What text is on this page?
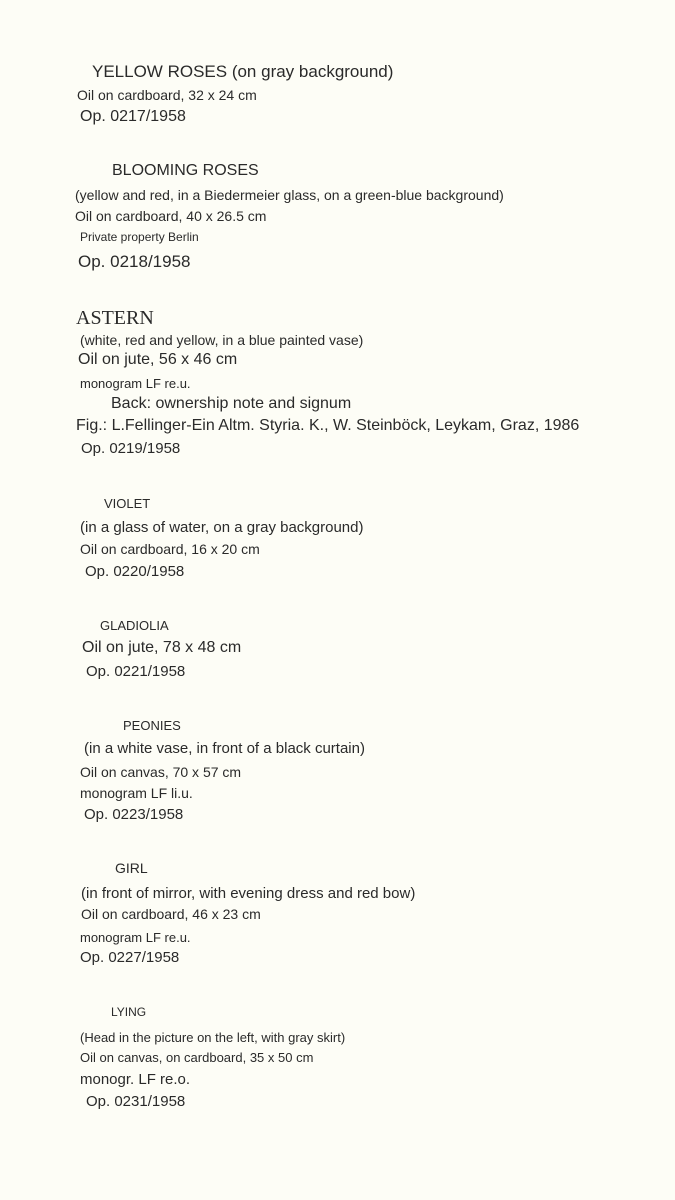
YELLOW ROSES (on gray background)
Oil on cardboard, 32 x 24 cm
Op. 0217/1958
BLOOMING ROSES
(yellow and red, in a Biedermeier glass, on a green-blue background)
Oil on cardboard, 40 x 26.5 cm
Private property Berlin
Op. 0218/1958
ASTERN
(white, red and yellow, in a blue painted vase)
Oil on jute, 56 x 46 cm
monogram LF re.u.
Back: ownership note and signum
Fig.: L.Fellinger-Ein Altm. Styria. K., W. Steinböck, Leykam, Graz, 1986
Op. 0219/1958
VIOLET
(in a glass of water, on a gray background)
Oil on cardboard, 16 x 20 cm
Op. 0220/1958
GLADIOLIA
Oil on jute, 78 x 48 cm
Op. 0221/1958
PEONIES
(in a white vase, in front of a black curtain)
Oil on canvas, 70 x 57 cm
monogram LF li.u.
Op. 0223/1958
GIRL
(in front of mirror, with evening dress and red bow)
Oil on cardboard, 46 x 23 cm
monogram LF re.u.
Op. 0227/1958
LYING
(Head in the picture on the left, with gray skirt)
Oil on canvas, on cardboard, 35 x 50 cm
monogr. LF re.o.
Op. 0231/1958
